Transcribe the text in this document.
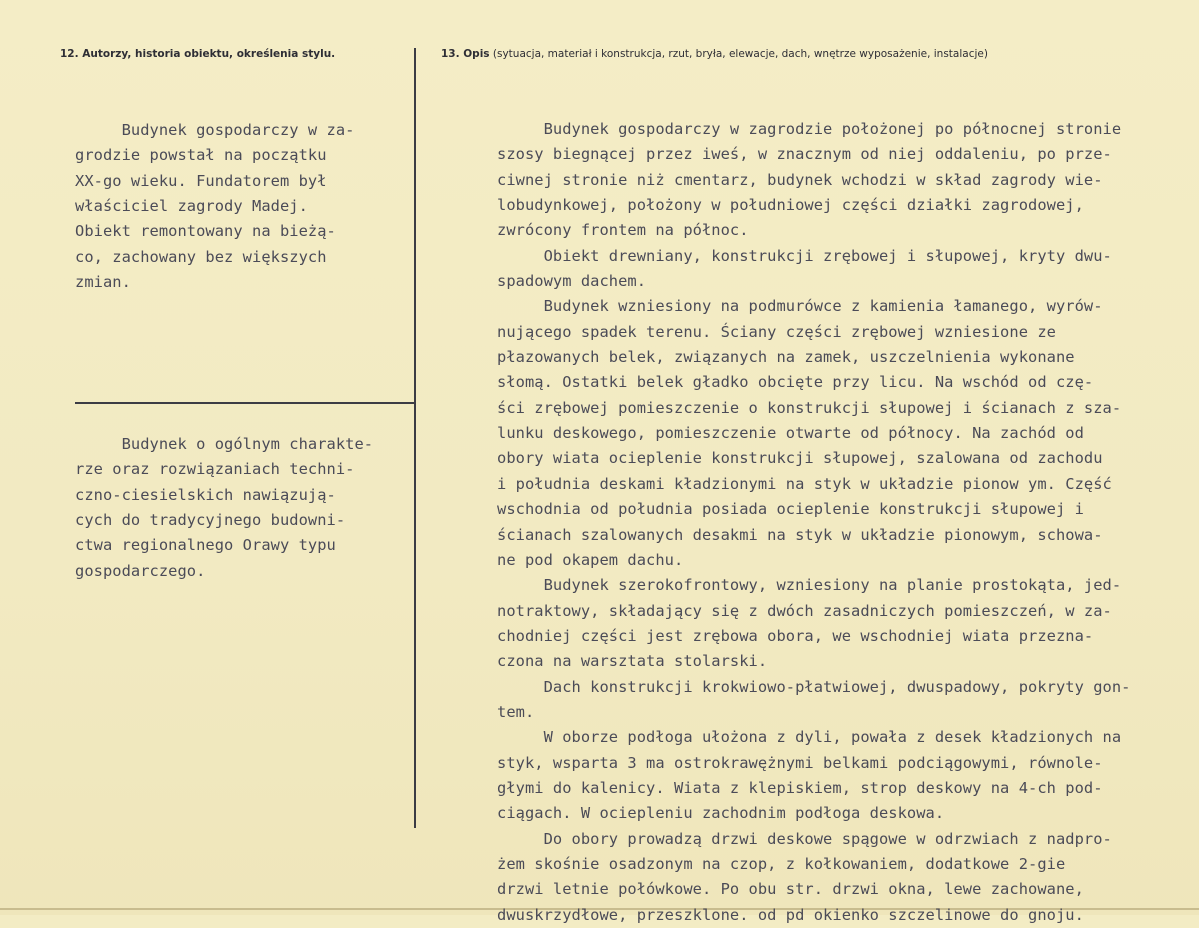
12. Autorzy, historia obiektu, określenia stylu.	13. Opis (sytuacja, materiał i konstrukcja, rzut, bryła, elewacje, dach, wnętrze wyposażenie, instalacje)
Budynek gospodarczy w za-
grodzie powstał na początku
XX-go wieku. Fundatorem był
właściciel zagrody Madej.
Obiekt remontowany na bieżą-
co, zachowany bez większych
zmian.
Budynek o ogólnym charakte-
rze oraz rozwiązaniach techni-
czno-ciesielskich nawiązują-
cych do tradycyjnego budowni-
ctwa regionalnego Orawy typu
gospodarczego.
Budynek gospodarczy w zagrodzie położonej po północnej stronie
szosy biegnącej przez iweś, w znacznym od niej oddaleniu, po prze-
ciwnej stronie niż cmentarz, budynek wchodzi w skład zagrody wie-
lobudynkowej, położony w południowej części działki zagrodowej,
zwrócony frontem na północ.
Obiekt drewniany, konstrukcji zrębowej i słupowej, kryty dwu-
spadowym dachem.
Budynek wzniesiony na podmurówce z kamienia łamanego, wyrów-
nującego spadek terenu. Ściany części zrębowej wzniesione ze
płazowanych belek, związanych na zamek, uszczelnienia wykonane
słomą. Ostatki belek gładko obcięte przy licu. Na wschód od czę-
ści zrębowej pomieszczenie o konstrukcji słupowej i ścianach z sza-
lunku deskowego, pomieszczenie otwarte od północy. Na zachód od
obory wiata ocieplenie konstrukcji słupowej, szalowana od zachodu
i południa deskami kładzionymi na styk w układzie pionow ym. Część
wschodnia od południa posiada ocieplenie konstrukcji słupowej i
ścianach szalowanych desakmi na styk w układzie pionowym, schowa-
ne pod okapem dachu.
Budynek szerokofrontowy, wzniesiony na planie prostokąta, jed-
notraktowy, składający się z dwóch zasadniczych pomieszczeń, w za-
chodniej części jest zrębowa obora, we wschodniej wiata przezna-
czona na warsztata stolarski.
Dach konstrukcji krokwiowo-płatwiowej, dwuspadowy, pokryty gon-
tem.
W oborze podłoga ułożona z dyli, powała z desek kładzionych na
styk, wsparta 3 ma ostrokrawężnymi belkami podciągowymi, równole-
głymi do kalenicy. Wiata z klepiskiem, strop deskowy na 4-ch pod-
ciągach. W ociepleniu zachodnim podłoga deskowa.
Do obory prowadzą drzwi deskowe spągowe w odrzwiach z nadpro-
żem skośnie osadzonym na czop, z kołkowaniem, dodatkowe 2-gie
drzwi letnie połówkowe. Po obu str. drzwi okna, lewe zachowane,
dwuskrzydłowe, przeszklone. od pd okienko szczelinowe do gnoju.
